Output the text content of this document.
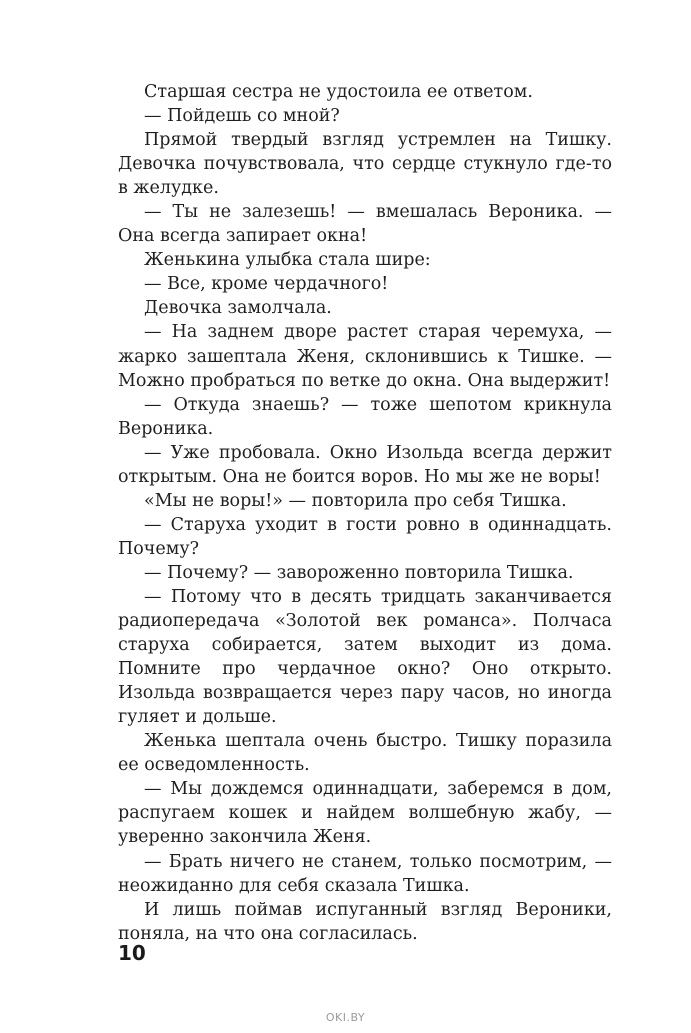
Старшая сестра не удостоила ее ответом.

— Пойдешь со мной?

Прямой твердый взгляд устремлен на Тишку. Девочка почувствовала, что сердце стукнуло где-то в желудке.

— Ты не залезешь! — вмешалась Вероника. — Она всегда запирает окна!

Женькина улыбка стала шире:

— Все, кроме чердачного!

Девочка замолчала.

— На заднем дворе растет старая черемуха, — жарко зашептала Женя, склонившись к Тишке. — Можно пробраться по ветке до окна. Она выдержит!

— Откуда знаешь? — тоже шепотом крикнула Вероника.

— Уже пробовала. Окно Изольда всегда держит открытым. Она не боится воров. Но мы же не воры!

«Мы не воры!» — повторила про себя Тишка.

— Старуха уходит в гости ровно в одиннадцать. Почему?

— Почему? — завороженно повторила Тишка.

— Потому что в десять тридцать заканчивается радиопередача «Золотой век романса». Полчаса старуха собирается, затем выходит из дома. Помните про чердачное окно? Оно открыто. Изольда возвращается через пару часов, но иногда гуляет и дольше.

Женька шептала очень быстро. Тишку поразила ее осведомленность.

— Мы дождемся одиннадцати, заберемся в дом, распугаем кошек и найдем волшебную жабу, — уверенно закончила Женя.

— Брать ничего не станем, только посмотрим, — неожиданно для себя сказала Тишка.

И лишь поймав испуганный взгляд Вероники, поняла, на что она согласилась.

10
OKI.BY
